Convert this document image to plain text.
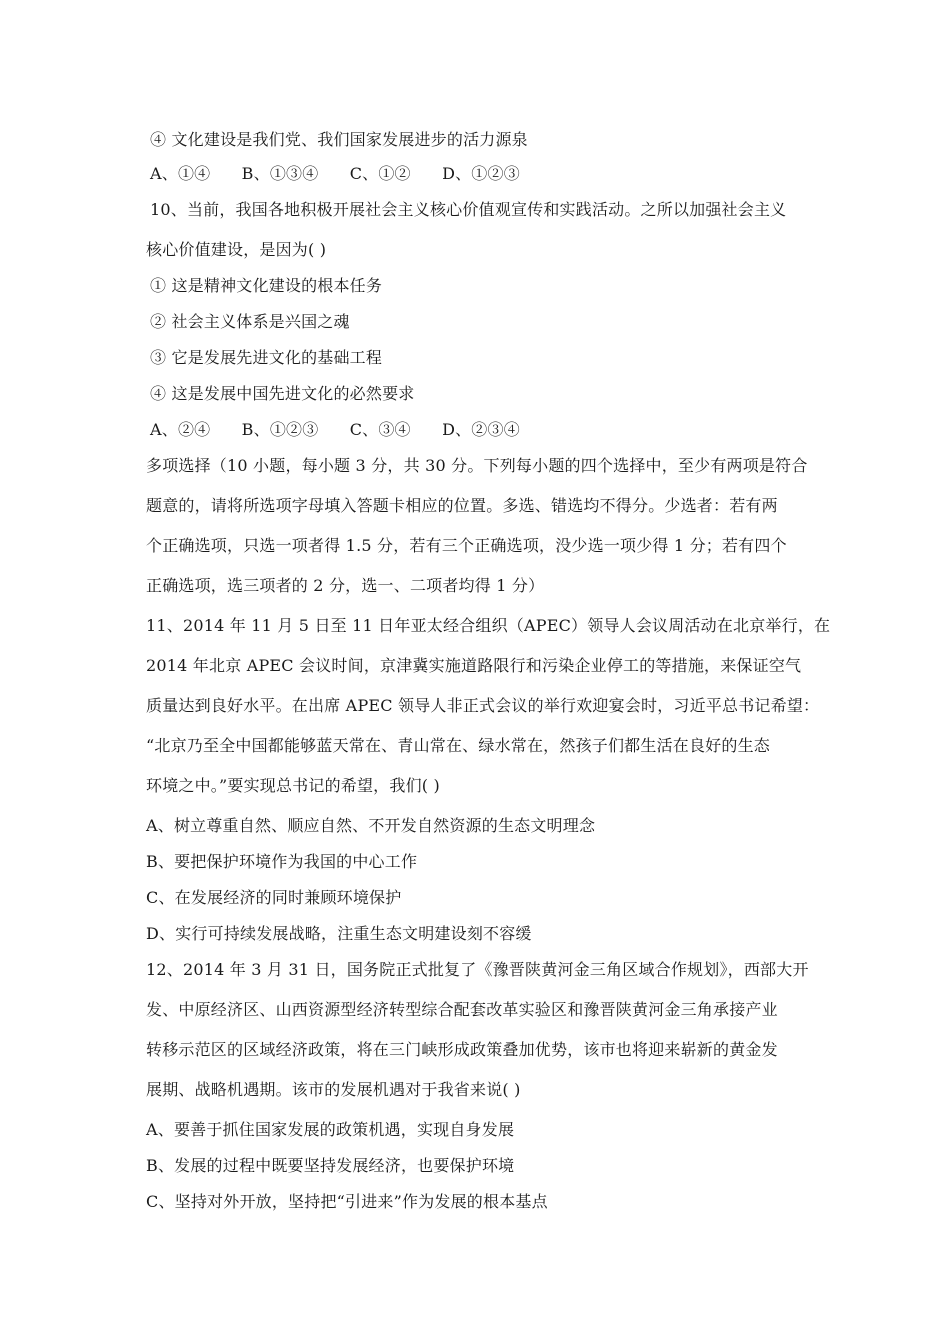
④ 文化建设是我们党、我们国家发展进步的活力源泉
A、①④ B、①③④ C、①② D、①②③
10、当前，我国各地积极开展社会主义核心价值观宣传和实践活动。之所以加强社会主义
核心价值建设，是因为( )
① 这是精神文化建设的根本任务
② 社会主义体系是兴国之魂
③ 它是发展先进文化的基础工程
④ 这是发展中国先进文化的必然要求
A、②④ B、①②③ C、③④ D、②③④
多项选择（10 小题，每小题 3 分，共 30 分。下列每小题的四个选择中，至少有两项是符合
题意的，请将所选项字母填入答题卡相应的位置。多选、错选均不得分。少选者：若有两
个正确选项，只选一项者得 1.5 分，若有三个正确选项，没少选一项少得 1 分；若有四个
正确选项，选三项者的 2 分，选一、二项者均得 1 分）
11、2014 年 11 月 5 日至 11 日年亚太经合组织（APEC）领导人会议周活动在北京举行，在
2014 年北京 APEC 会议时间，京津冀实施道路限行和污染企业停工的等措施，来保证空气
质量达到良好水平。在出席 APEC 领导人非正式会议的举行欢迎宴会时，习近平总书记希望：
“北京乃至全中国都能够蓝天常在、青山常在、绿水常在，然孩子们都生活在良好的生态
环境之中。”要实现总书记的希望，我们( )
A、树立尊重自然、顺应自然、不开发自然资源的生态文明理念
B、要把保护环境作为我国的中心工作
C、在发展经济的同时兼顾环境保护
D、实行可持续发展战略，注重生态文明建设刻不容缓
12、2014 年 3 月 31 日，国务院正式批复了《豫晋陕黄河金三角区域合作规划》，西部大开
发、中原经济区、山西资源型经济转型综合配套改革实验区和豫晋陕黄河金三角承接产业
转移示范区的区域经济政策，将在三门峡形成政策叠加优势，该市也将迎来崭新的黄金发
展期、战略机遇期。该市的发展机遇对于我省来说( )
A、要善于抓住国家发展的政策机遇，实现自身发展
B、发展的过程中既要坚持发展经济，也要保护环境
C、坚持对外开放，坚持把“引进来”作为发展的根本基点
